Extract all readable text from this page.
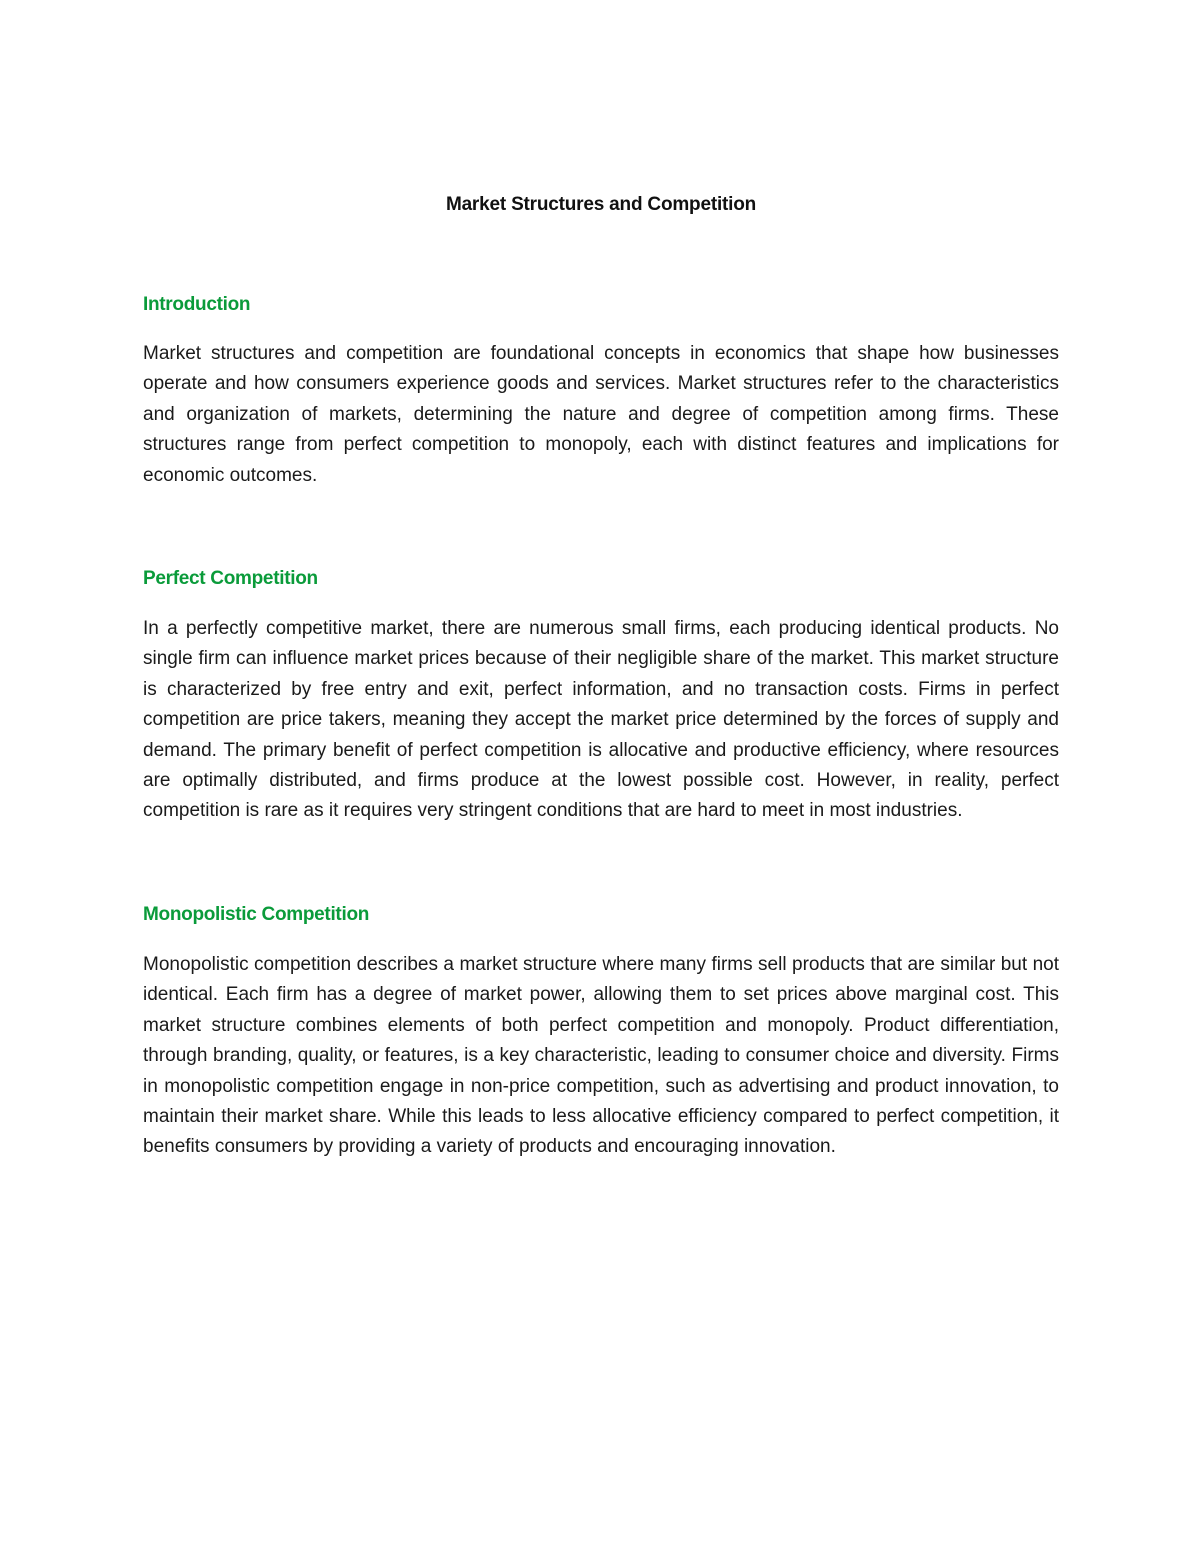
Market Structures and Competition
Introduction

Market structures and competition are foundational concepts in economics that shape how businesses operate and how consumers experience goods and services. Market structures refer to the characteristics and organization of markets, determining the nature and degree of competition among firms. These structures range from perfect competition to monopoly, each with distinct features and implications for economic outcomes.

Perfect Competition

In a perfectly competitive market, there are numerous small firms, each producing identical products. No single firm can influence market prices because of their negligible share of the market. This market structure is characterized by free entry and exit, perfect information, and no transaction costs. Firms in perfect competition are price takers, meaning they accept the market price determined by the forces of supply and demand. The primary benefit of perfect competition is allocative and productive efficiency, where resources are optimally distributed, and firms produce at the lowest possible cost. However, in reality, perfect competition is rare as it requires very stringent conditions that are hard to meet in most industries.

Monopolistic Competition

Monopolistic competition describes a market structure where many firms sell products that are similar but not identical. Each firm has a degree of market power, allowing them to set prices above marginal cost. This market structure combines elements of both perfect competition and monopoly. Product differentiation, through branding, quality, or features, is a key characteristic, leading to consumer choice and diversity. Firms in monopolistic competition engage in non-price competition, such as advertising and product innovation, to maintain their market share. While this leads to less allocative efficiency compared to perfect competition, it benefits consumers by providing a variety of products and encouraging innovation.
